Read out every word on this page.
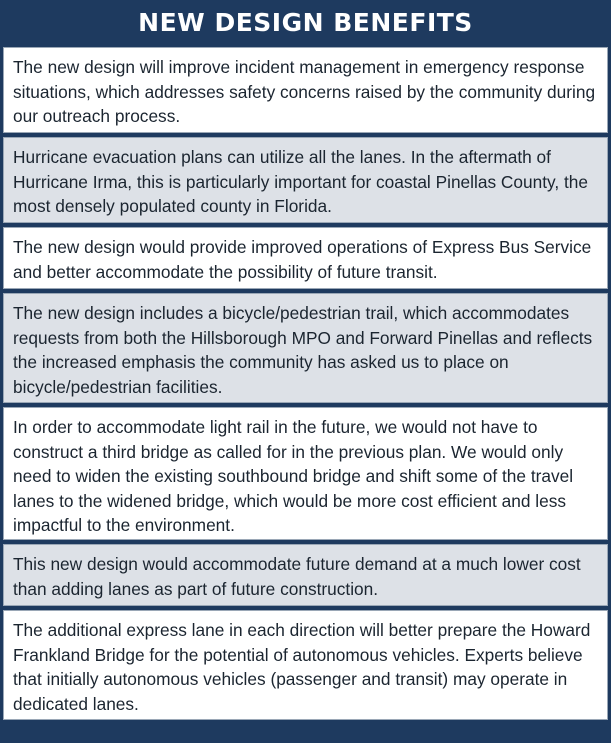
NEW DESIGN BENEFITS
The new design will improve incident management in emergency response situations, which addresses safety concerns raised by the community during our outreach process.
Hurricane evacuation plans can utilize all the lanes. In the aftermath of Hurricane Irma, this is particularly important for coastal Pinellas County, the most densely populated county in Florida.
The new design would provide improved operations of Express Bus Service and better accommodate the possibility of future transit.
The new design includes a bicycle/pedestrian trail, which accommodates requests from both the Hillsborough MPO and Forward Pinellas and reflects the increased emphasis the community has asked us to place on bicycle/pedestrian facilities.
In order to accommodate light rail in the future, we would not have to construct a third bridge as called for in the previous plan. We would only need to widen the existing southbound bridge and shift some of the travel lanes to the widened bridge, which would be more cost efficient and less impactful to the environment.
This new design would accommodate future demand at a much lower cost than adding lanes as part of future construction.
The additional express lane in each direction will better prepare the Howard Frankland Bridge for the potential of autonomous vehicles. Experts believe that initially autonomous vehicles (passenger and transit) may operate in dedicated lanes.
